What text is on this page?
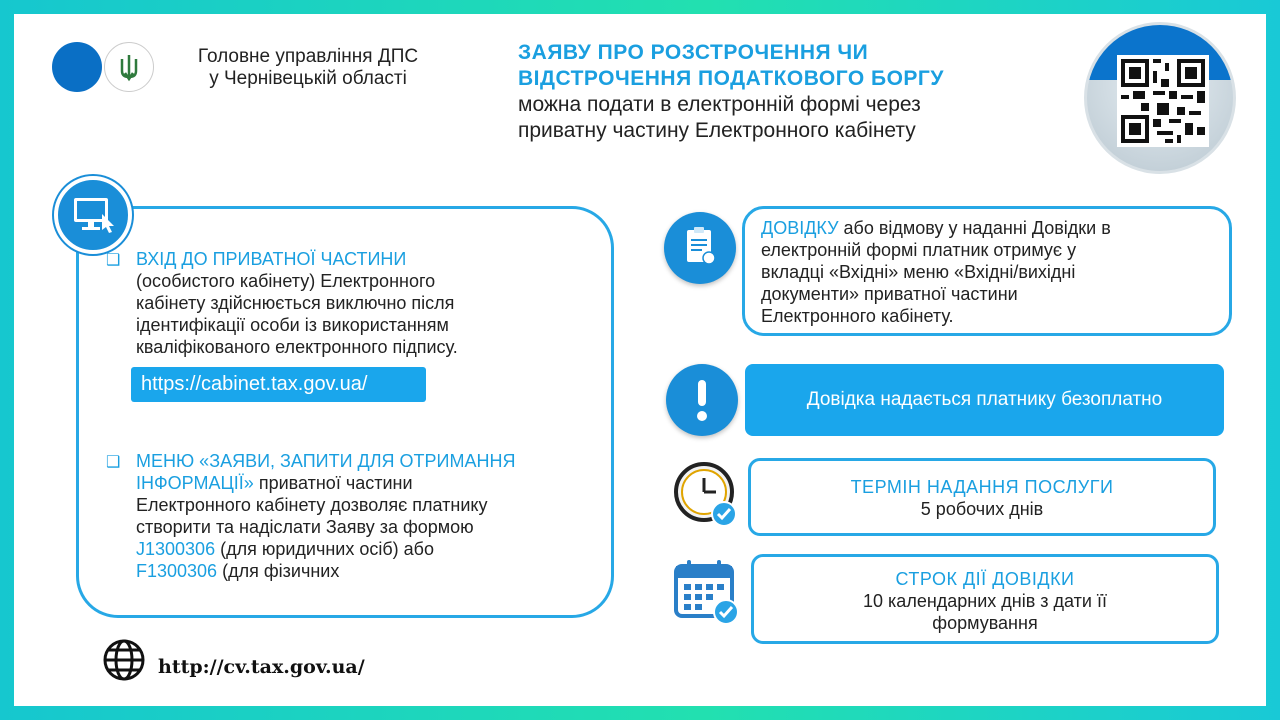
Головне управління ДПС
у Чернівецькій області
ЗАЯВУ ПРО РОЗСТРОЧЕННЯ ЧИ
ВІДСТРОЧЕННЯ ПОДАТКОВОГО БОРГУ
можна подати в електронній формі через
приватну частину Електронного кабінету
❑ ВХІД ДО ПРИВАТНОЇ ЧАСТИНИ
(особистого кабінету) Електронного
кабінету здійснюється виключно після
ідентифікації особи із використанням
кваліфікованого електронного підпису.
https://cabinet.tax.gov.ua/
❑ МЕНЮ «ЗАЯВИ, ЗАПИТИ ДЛЯ ОТРИМАННЯ
ІНФОРМАЦІЇ» приватної частини
Електронного кабінету дозволяє платнику
створити та надіслати Заяву за формою
J1300306 (для юридичних осіб) або
F1300306 (для фізичних
http://cv.tax.gov.ua/
ДОВІДКУ або відмову у наданні Довідки в
електронній формі платник отримує у
вкладці «Вхідні» меню «Вхідні/вихідні
документи» приватної частини
Електронного кабінету.
Довідка надається платнику безоплатно
ТЕРМІН НАДАННЯ ПОСЛУГИ
5 робочих днів
СТРОК ДІЇ ДОВІДКИ
10 календарних днів з дати її
формування
